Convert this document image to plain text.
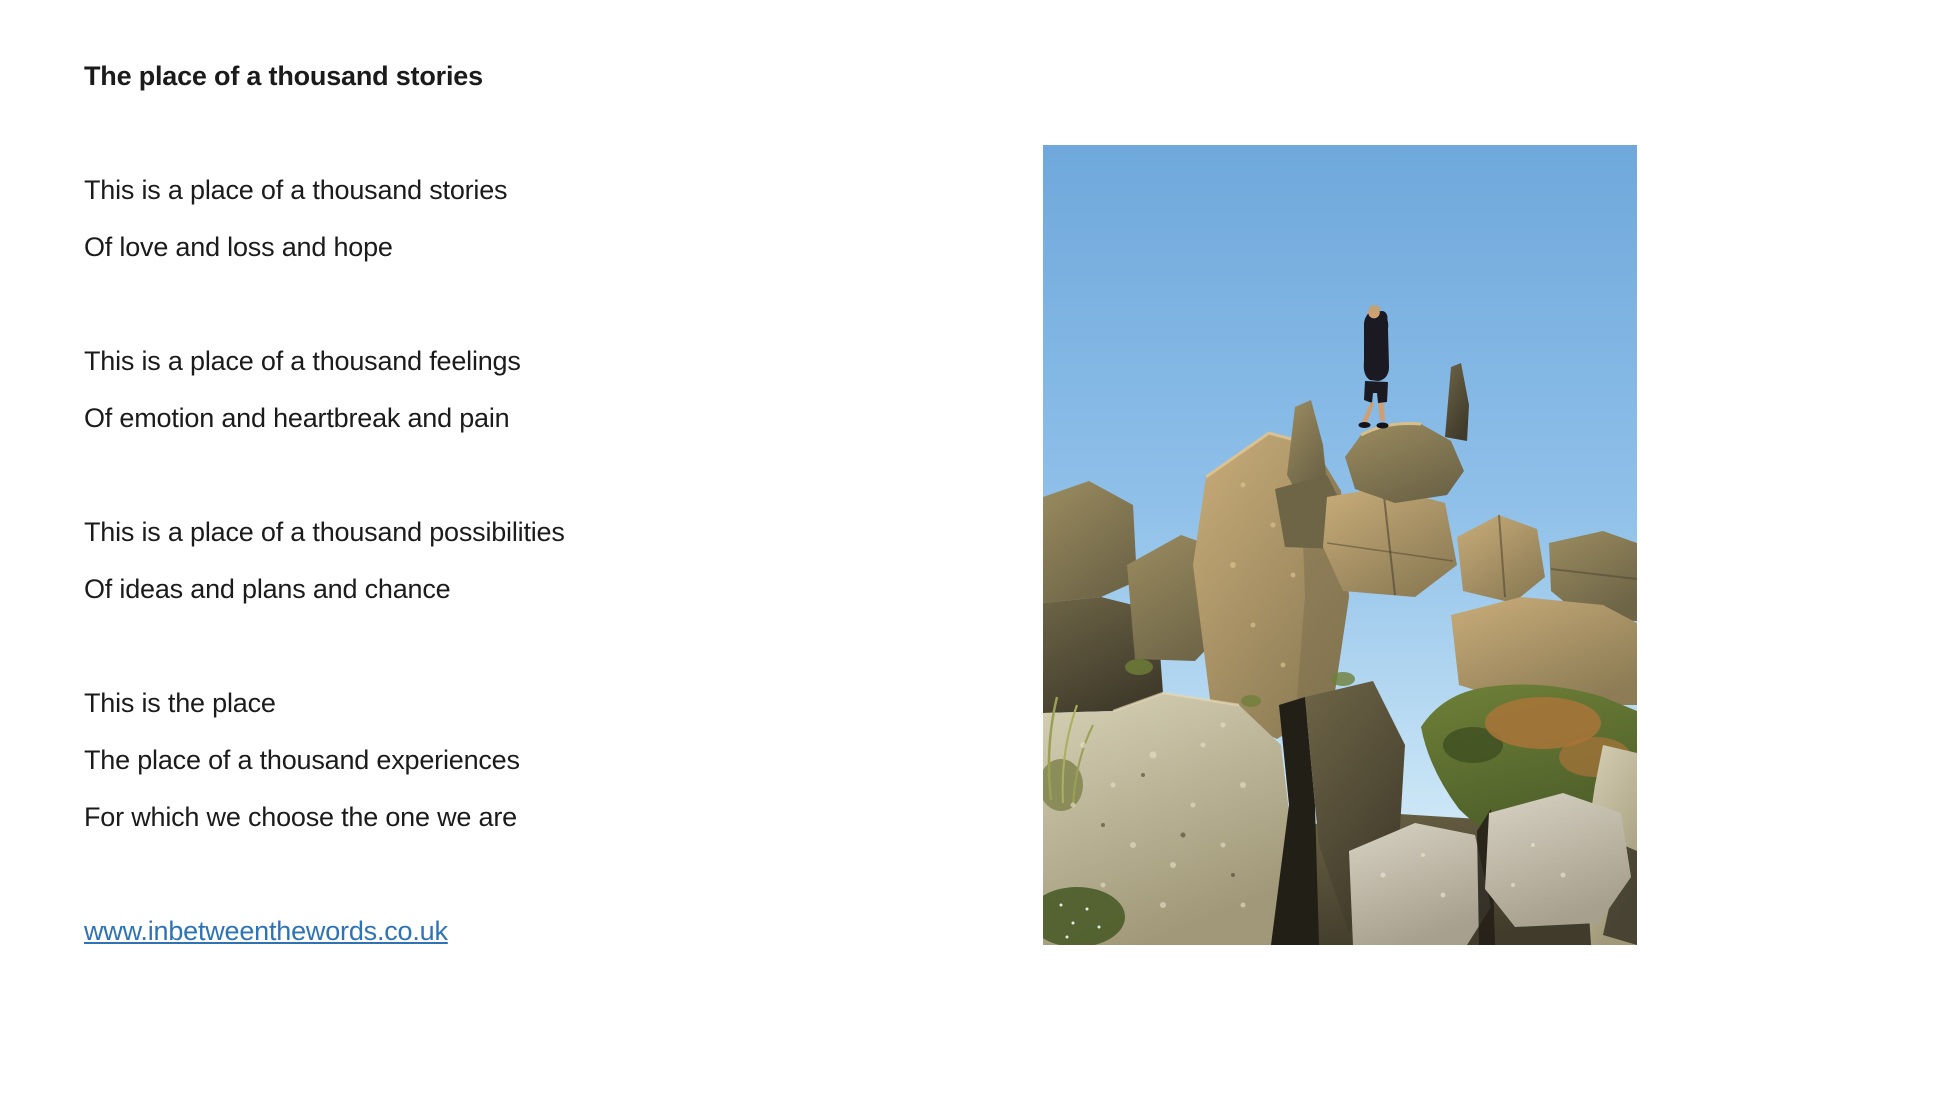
The place of a thousand stories

This is a place of a thousand stories

Of love and loss and hope

This is a place of a thousand feelings

Of emotion and heartbreak and pain

This is a place of a thousand possibilities

Of ideas and plans and chance

This is the place

The place of a thousand experiences

For which we choose the one we are

www.inbetweenthewords.co.uk
